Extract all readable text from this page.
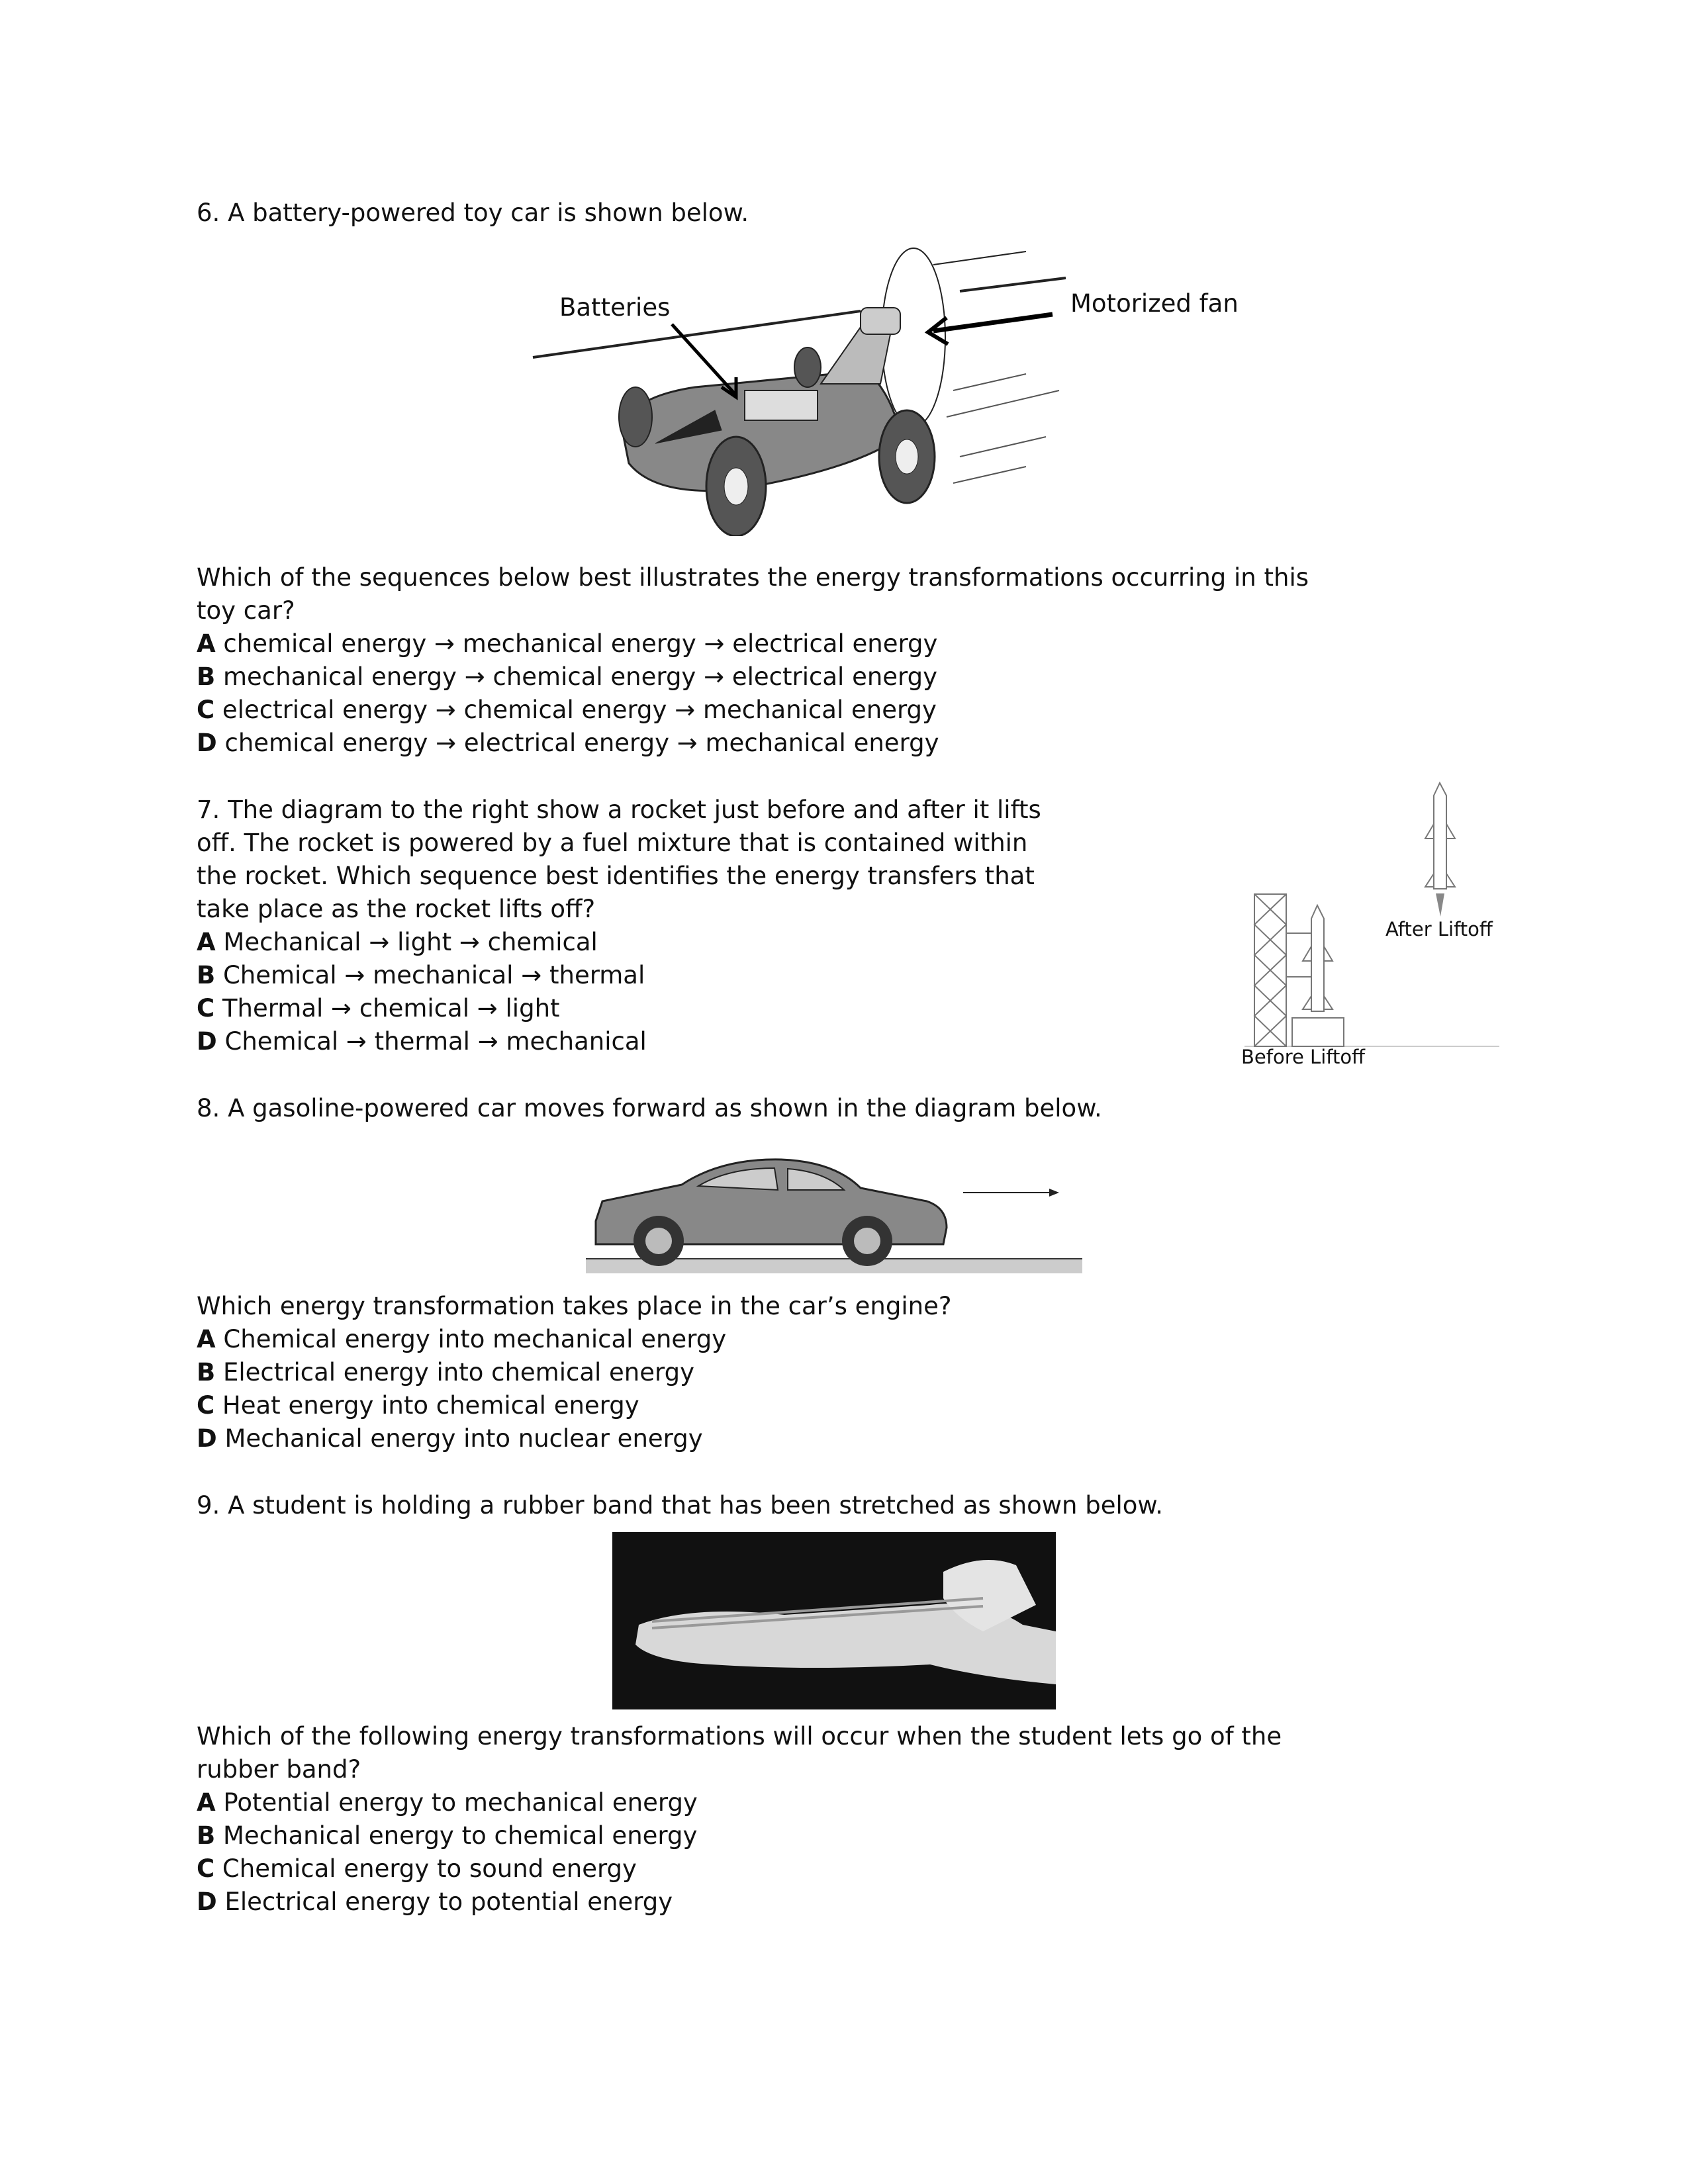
6. A battery-powered toy car is shown below.
Batteries	Motorized fan
Which of the sequences below best illustrates the energy transformations occurring in this
toy car?
A chemical energy → mechanical energy → electrical energy
B mechanical energy → chemical energy → electrical energy
C electrical energy → chemical energy → mechanical energy
D chemical energy → electrical energy → mechanical energy
7. The diagram to the right show a rocket just before and after it lifts
off. The rocket is powered by a fuel mixture that is contained within
the rocket. Which sequence best identifies the energy transfers that
take place as the rocket lifts off?
A Mechanical → light → chemical
B Chemical → mechanical → thermal
C Thermal → chemical → light
D Chemical → thermal → mechanical
After Liftoff
Before Liftoff
8. A gasoline-powered car moves forward as shown in the diagram below.
Which energy transformation takes place in the car’s engine?
A Chemical energy into mechanical energy
B Electrical energy into chemical energy
C Heat energy into chemical energy
D Mechanical energy into nuclear energy
9. A student is holding a rubber band that has been stretched as shown below.
Which of the following energy transformations will occur when the student lets go of the
rubber band?
A Potential energy to mechanical energy
B Mechanical energy to chemical energy
C Chemical energy to sound energy
D Electrical energy to potential energy
